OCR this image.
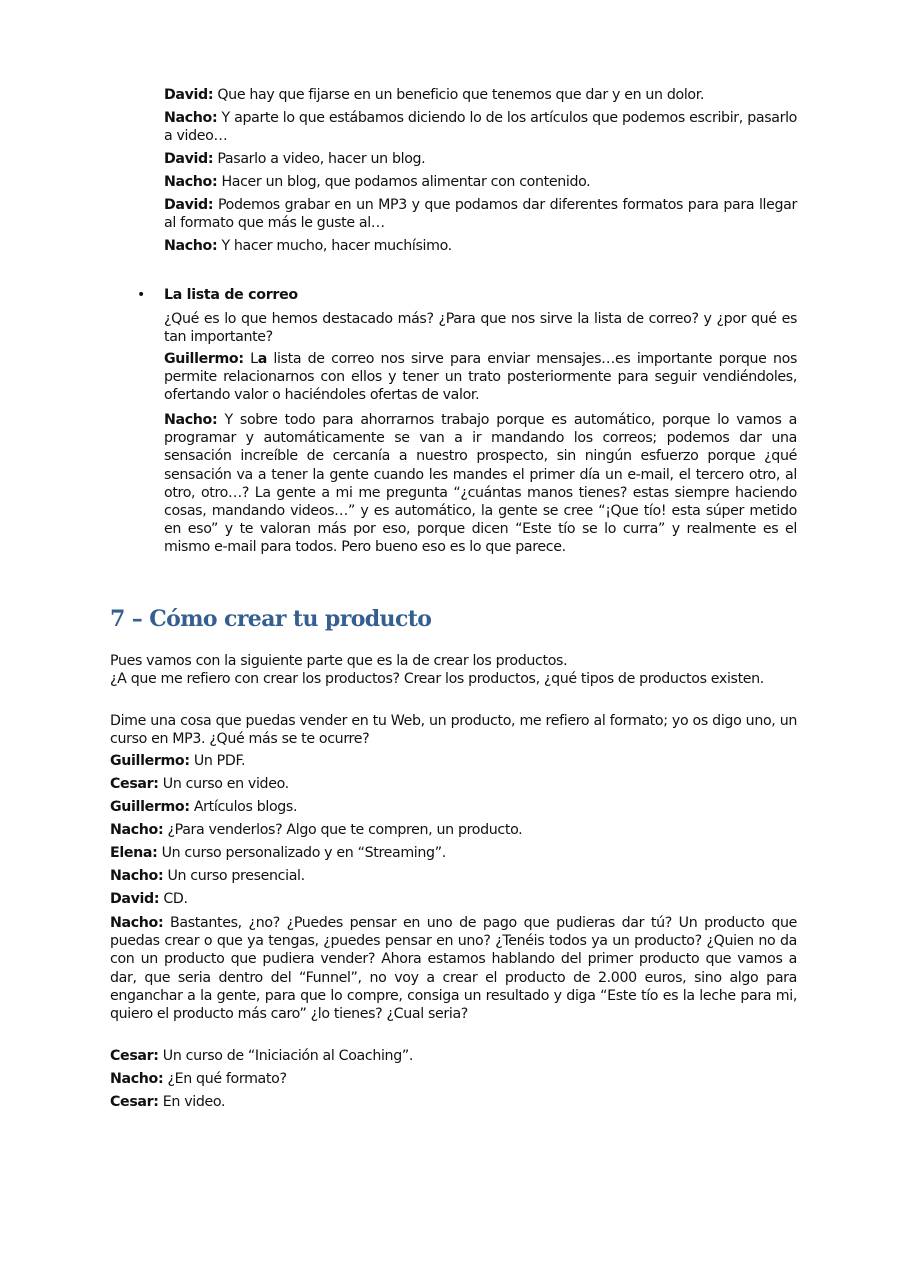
David: Que hay que fijarse en un beneficio que tenemos que dar y en un dolor.
Nacho: Y aparte lo que estábamos diciendo lo de los artículos que podemos escribir, pasarlo a video…
David: Pasarlo a video, hacer un blog.
Nacho: Hacer un blog, que podamos alimentar con contenido.
David: Podemos grabar en un MP3 y que podamos dar diferentes formatos para para llegar al formato que más le guste al…
Nacho: Y hacer mucho, hacer muchísimo.
• La lista de correo
¿Qué es lo que hemos destacado más? ¿Para que nos sirve la lista de correo? y ¿por qué es tan importante?
Guillermo: La lista de correo nos sirve para enviar mensajes…es importante porque nos permite relacionarnos con ellos y tener un trato posteriormente para seguir vendiéndoles, ofertando valor o haciéndoles ofertas de valor.
Nacho: Y sobre todo para ahorrarnos trabajo porque es automático, porque lo vamos a programar y automáticamente se van a ir mandando los correos; podemos dar una sensación increíble de cercanía a nuestro prospecto, sin ningún esfuerzo porque ¿qué sensación va a tener la gente cuando les mandes el primer día un e-mail, el tercero otro, al otro, otro…? La gente a mi me pregunta “¿cuántas manos tienes? estas siempre haciendo cosas, mandando videos…” y es automático, la gente se cree “¡Que tío! esta súper metido en eso” y te valoran más por eso, porque dicen “Este tío se lo curra” y realmente es el mismo e-mail para todos. Pero bueno eso es lo que parece.
7 – Cómo crear tu producto
Pues vamos con la siguiente parte que es la de crear los productos.
¿A que me refiero con crear los productos? Crear los productos, ¿qué tipos de productos existen.
Dime una cosa que puedas vender en tu Web, un producto, me refiero al formato; yo os digo uno, un curso en MP3. ¿Qué más se te ocurre?
Guillermo: Un PDF.
Cesar: Un curso en video.
Guillermo: Artículos blogs.
Nacho: ¿Para venderlos? Algo que te compren, un producto.
Elena: Un curso personalizado y en “Streaming”.
Nacho: Un curso presencial.
David: CD.
Nacho: Bastantes, ¿no? ¿Puedes pensar en uno de pago que pudieras dar tú? Un producto que puedas crear o que ya tengas, ¿puedes pensar en uno? ¿Tenéis todos ya un producto? ¿Quien no da con un producto que pudiera vender? Ahora estamos hablando del primer producto que vamos a dar, que seria dentro del “Funnel”, no voy a crear el producto de 2.000 euros, sino algo para enganchar a la gente, para que lo compre, consiga un resultado y diga “Este tío es la leche para mi, quiero el producto más caro” ¿lo tienes? ¿Cual seria?
Cesar: Un curso de “Iniciación al Coaching”.
Nacho: ¿En qué formato?
Cesar: En video.
